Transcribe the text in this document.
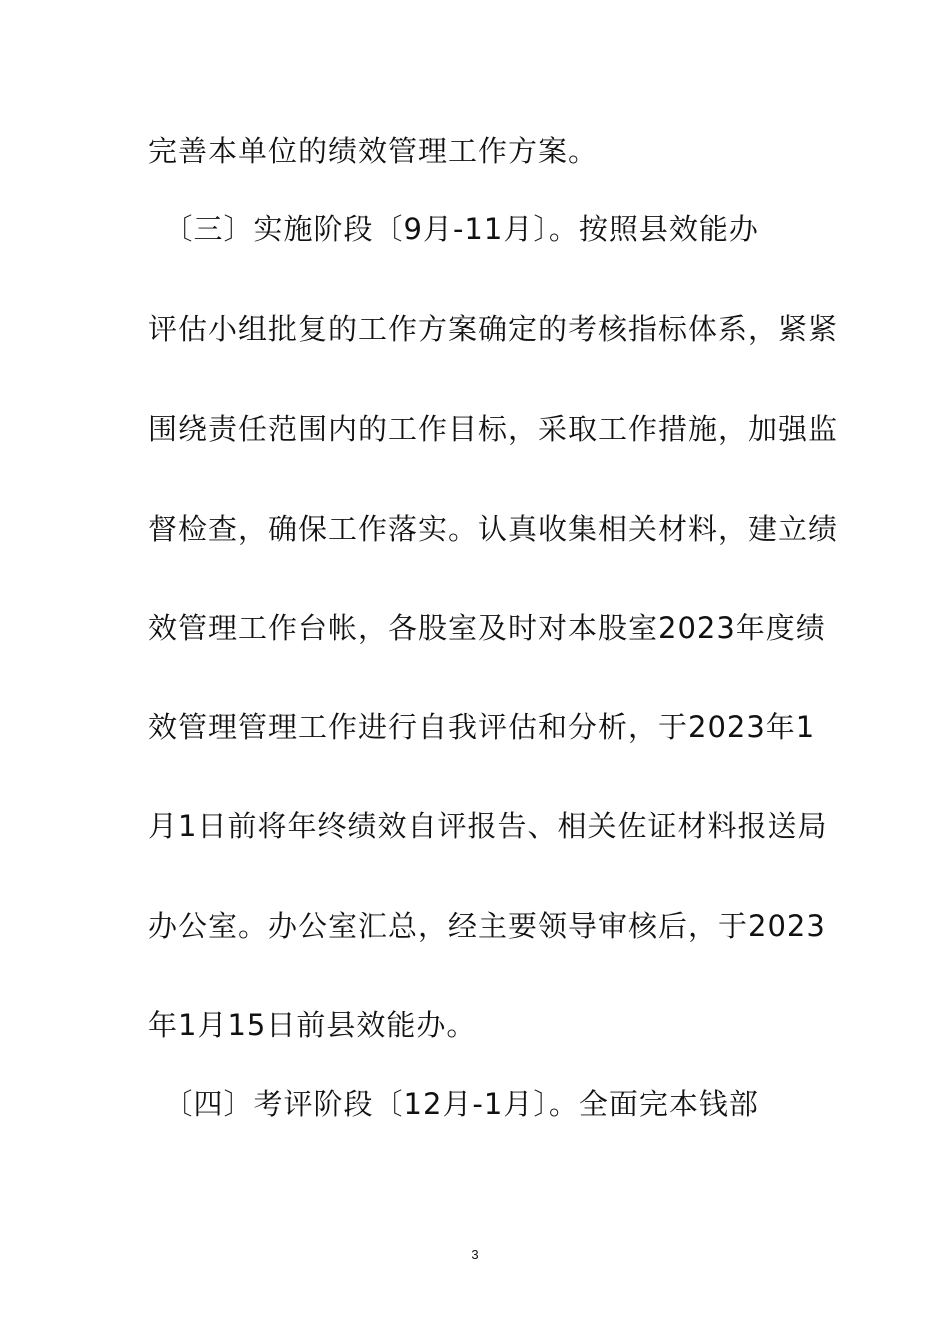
完善本单位的绩效管理工作方案。
　〔三〕实施阶段〔9月-11月〕。按照县效能办
评估小组批复的工作方案确定的考核指标体系，紧紧
围绕责任范围内的工作目标，采取工作措施，加强监
督检查，确保工作落实。认真收集相关材料，建立绩
效管理工作台帐，各股室及时对本股室2023年度绩
效管理管理工作进行自我评估和分析，于2023年1
月1日前将年终绩效自评报告、相关佐证材料报送局
办公室。办公室汇总，经主要领导审核后，于2023
年1月15日前县效能办。
　〔四〕考评阶段〔12月-1月〕。全面完本钱部
3
